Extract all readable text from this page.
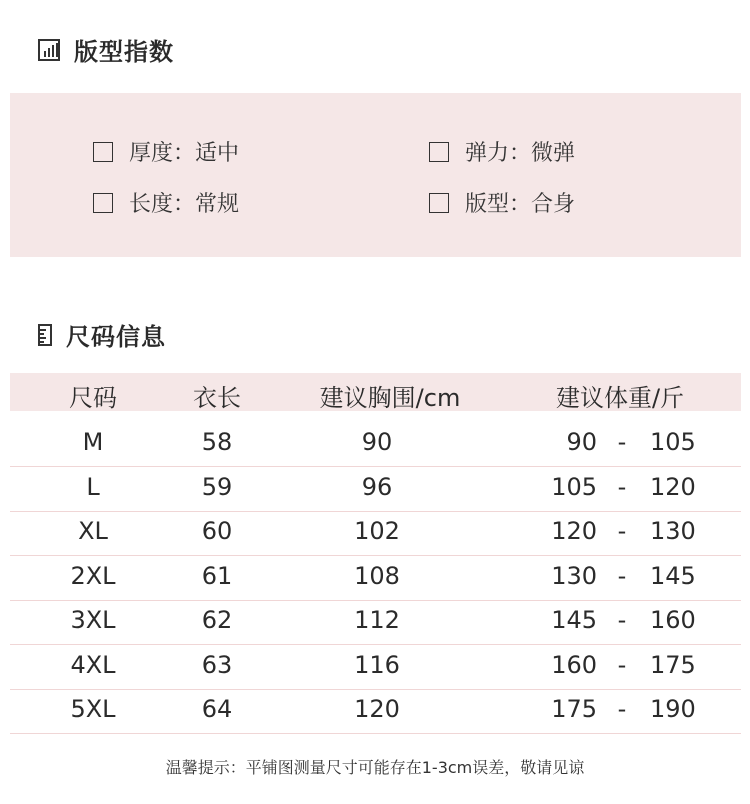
版型指数
厚度：适中	弹力：微弹
长度：常规	版型：合身
尺码信息
尺码	衣长	建议胸围/cm	建议体重/斤
M	58	90	90 - 105
L	59	96	105 - 120
XL	60	102	120 - 130
2XL	61	108	130 - 145
3XL	62	112	145 - 160
4XL	63	116	160 - 175
5XL	64	120	175 - 190
温馨提示：平铺图测量尺寸可能存在1-3cm误差，敬请见谅
